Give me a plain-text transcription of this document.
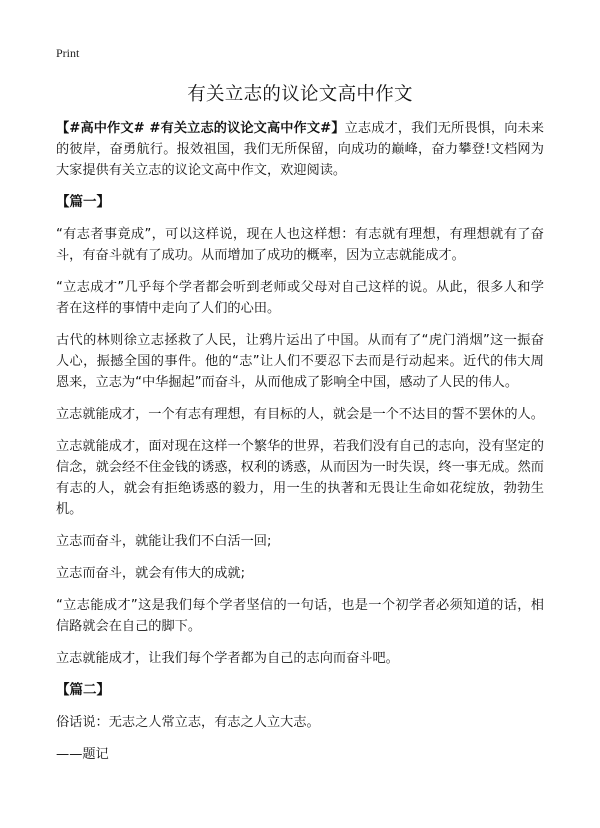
Print
有关立志的议论文高中作文

【#高中作文# #有关立志的议论文高中作文#】立志成才，我们无所畏惧，向未来的彼岸，奋勇航行。报效祖国，我们无所保留，向成功的巅峰，奋力攀登!文档网为大家提供有关立志的议论文高中作文，欢迎阅读。

【篇一】

“有志者事竟成”，可以这样说，现在人也这样想：有志就有理想，有理想就有了奋斗，有奋斗就有了成功。从而增加了成功的概率，因为立志就能成才。

“立志成才”几乎每个学者都会听到老师或父母对自己这样的说。从此，很多人和学者在这样的事情中走向了人们的心田。

古代的林则徐立志拯救了人民，让鸦片运出了中国。从而有了“虎门消烟”这一振奋人心，振撼全国的事件。他的“志”让人们不要忍下去而是行动起来。近代的伟大周恩来，立志为“中华掘起”而奋斗，从而他成了影响全中国，感动了人民的伟人。

立志就能成才，一个有志有理想，有目标的人，就会是一个不达目的誓不罢休的人。

立志就能成才，面对现在这样一个繁华的世界，若我们没有自己的志向，没有坚定的信念，就会经不住金钱的诱惑，权利的诱惑，从而因为一时失误，终一事无成。然而有志的人，就会有拒绝诱惑的毅力，用一生的执著和无畏让生命如花绽放，勃勃生机。

立志而奋斗，就能让我们不白活一回;

立志而奋斗，就会有伟大的成就;

“立志能成才”这是我们每个学者坚信的一句话，也是一个初学者必须知道的话，相信路就会在自己的脚下。

立志就能成才，让我们每个学者都为自己的志向而奋斗吧。

【篇二】

俗话说：无志之人常立志，有志之人立大志。

——题记
